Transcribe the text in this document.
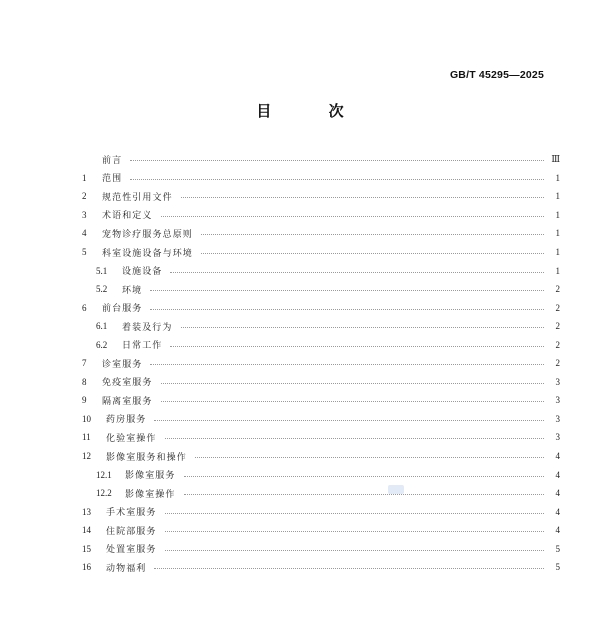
GB/T 45295—2025
目 次
前言	Ⅲ
1	范围	1
2	规范性引用文件	1
3	术语和定义	1
4	宠物诊疗服务总原则	1
5	科室设施设备与环境	1
5.1	设施设备	1
5.2	环境	2
6	前台服务	2
6.1	着装及行为	2
6.2	日常工作	2
7	诊室服务	2
8	免疫室服务	3
9	隔离室服务	3
10	药房服务	3
11	化验室操作	3
12	影像室服务和操作	4
12.1	影像室服务	4
12.2	影像室操作	4
13	手术室服务	4
14	住院部服务	4
15	处置室服务	5
16	动物福利	5
